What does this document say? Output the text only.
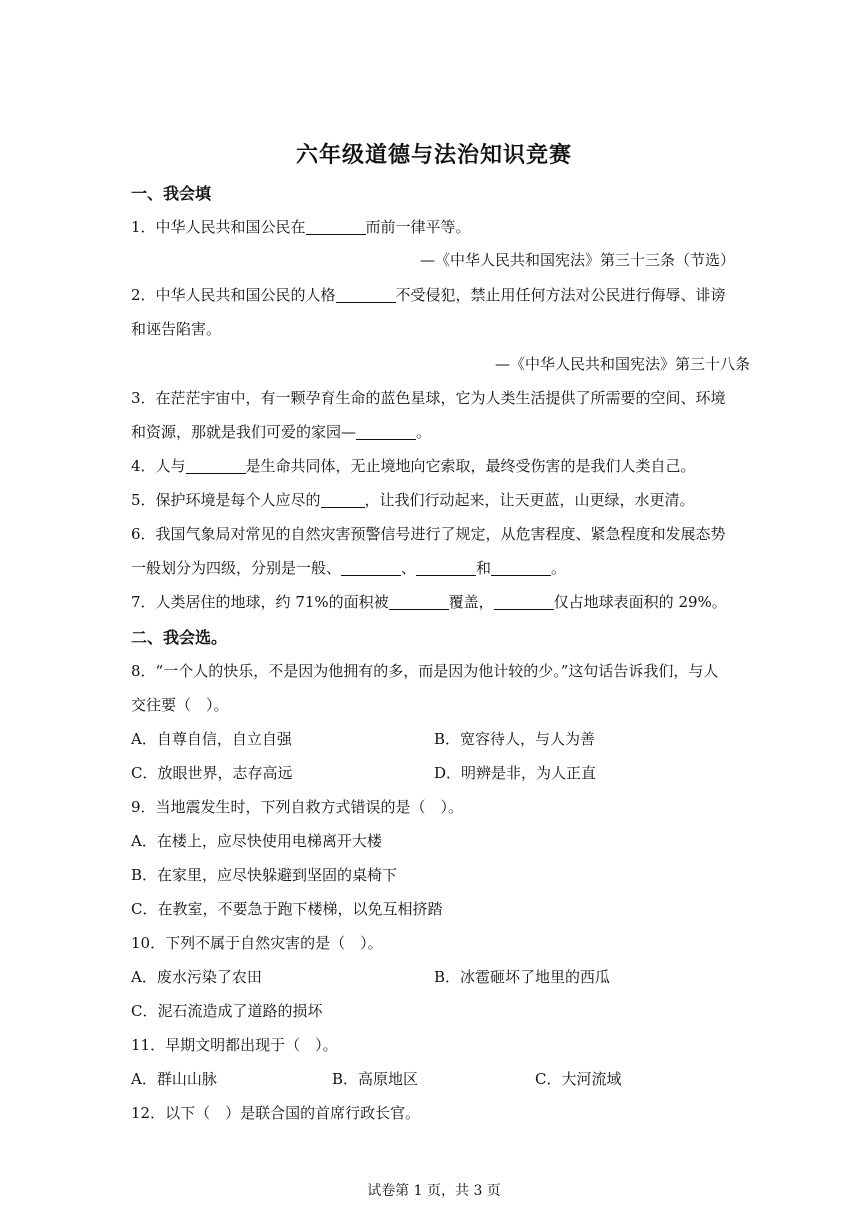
六年级道德与法治知识竞赛
一、我会填
1．中华人民共和国公民在	而前一律平等。
—《中华人民共和国宪法》第三十三条（节选）
2．中华人民共和国公民的人格	不受侵犯，禁止用任何方法对公民进行侮辱、诽谤
和诬告陷害。
—《中华人民共和国宪法》第三十八条
3．在茫茫宇宙中，有一颗孕育生命的蓝色星球，它为人类生活提供了所需要的空间、环境
和资源，那就是我们可爱的家园—	。
4．人与	是生命共同体，无止境地向它索取，最终受伤害的是我们人类自己。
5．保护环境是每个人应尽的	，让我们行动起来，让天更蓝，山更绿，水更清。
6．我国气象局对常见的自然灾害预警信号进行了规定，从危害程度、紧急程度和发展态势
一般划分为四级，分别是一般、	、	和	。
7．人类居住的地球，约 71%的面积被	覆盖，	仅占地球表面积的 29%。
二、我会选。
8．“一个人的快乐，不是因为他拥有的多，而是因为他计较的少。”这句话告诉我们，与人
交往要（　）。
A．自尊自信，自立自强	B．宽容待人，与人为善
C．放眼世界，志存高远	D．明辨是非，为人正直
9．当地震发生时，下列自救方式错误的是（　）。
A．在楼上，应尽快使用电梯离开大楼
B．在家里，应尽快躲避到坚固的桌椅下
C．在教室，不要急于跑下楼梯，以免互相挤踏
10．下列不属于自然灾害的是（　）。
A．废水污染了农田	B．冰雹砸坏了地里的西瓜
C．泥石流造成了道路的损坏
11．早期文明都出现于（　）。
A．群山山脉	B．高原地区	C．大河流域
12．以下（　）是联合国的首席行政长官。
试卷第 1 页，共 3 页
